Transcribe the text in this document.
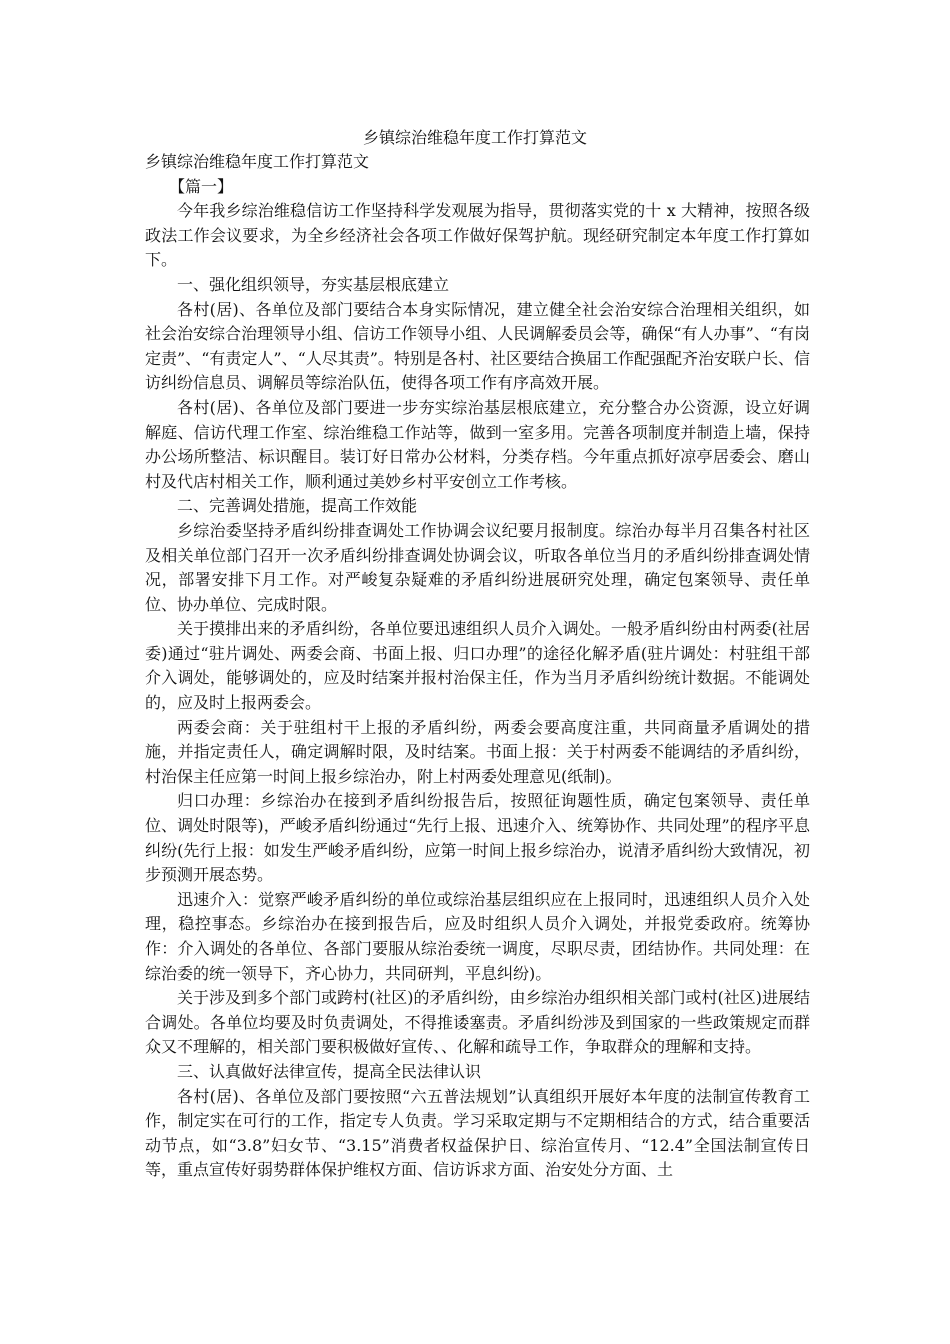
乡镇综治维稳年度工作打算范文

乡镇综治维稳年度工作打算范文

【篇一】

今年我乡综治维稳信访工作坚持科学发观展为指导，贯彻落实党的十 x 大精神，按照各级政法工作会议要求，为全乡经济社会各项工作做好保驾护航。现经研究制定本年度工作打算如下。

一、强化组织领导，夯实基层根底建立

各村(居)、各单位及部门要结合本身实际情况，建立健全社会治安综合治理相关组织，如社会治安综合治理领导小组、信访工作领导小组、人民调解委员会等，确保“有人办事”、“有岗定责”、“有责定人”、“人尽其责”。特别是各村、社区要结合换届工作配强配齐治安联户长、信访纠纷信息员、调解员等综治队伍，使得各项工作有序高效开展。

各村(居)、各单位及部门要进一步夯实综治基层根底建立，充分整合办公资源，设立好调解庭、信访代理工作室、综治维稳工作站等，做到一室多用。完善各项制度并制造上墙，保持办公场所整洁、标识醒目。装订好日常办公材料，分类存档。今年重点抓好凉亭居委会、磨山村及代店村相关工作，顺利通过美妙乡村平安创立工作考核。

二、完善调处措施，提高工作效能

乡综治委坚持矛盾纠纷排查调处工作协调会议纪要月报制度。综治办每半月召集各村社区及相关单位部门召开一次矛盾纠纷排查调处协调会议，听取各单位当月的矛盾纠纷排查调处情况，部署安排下月工作。对严峻复杂疑难的矛盾纠纷进展研究处理，确定包案领导、责任单位、协办单位、完成时限。

关于摸排出来的矛盾纠纷，各单位要迅速组织人员介入调处。一般矛盾纠纷由村两委(社居委)通过“驻片调处、两委会商、书面上报、归口办理”的途径化解矛盾(驻片调处：村驻组干部介入调处，能够调处的，应及时结案并报村治保主任，作为当月矛盾纠纷统计数据。不能调处的，应及时上报两委会。

两委会商：关于驻组村干上报的矛盾纠纷，两委会要高度注重，共同商量矛盾调处的措施，并指定责任人，确定调解时限，及时结案。书面上报：关于村两委不能调结的矛盾纠纷，村治保主任应第一时间上报乡综治办，附上村两委处理意见(纸制)。

归口办理：乡综治办在接到矛盾纠纷报告后，按照征询题性质，确定包案领导、责任单位、调处时限等)，严峻矛盾纠纷通过“先行上报、迅速介入、统筹协作、共同处理”的程序平息纠纷(先行上报：如发生严峻矛盾纠纷，应第一时间上报乡综治办，说清矛盾纠纷大致情况，初步预测开展态势。

迅速介入：觉察严峻矛盾纠纷的单位或综治基层组织应在上报同时，迅速组织人员介入处理，稳控事态。乡综治办在接到报告后，应及时组织人员介入调处，并报党委政府。统筹协作：介入调处的各单位、各部门要服从综治委统一调度，尽职尽责，团结协作。共同处理：在综治委的统一领导下，齐心协力，共同研判，平息纠纷)。

关于涉及到多个部门或跨村(社区)的矛盾纠纷，由乡综治办组织相关部门或村(社区)进展结合调处。各单位均要及时负责调处，不得推诿塞责。矛盾纠纷涉及到国家的一些政策规定而群众又不理解的，相关部门要积极做好宣传、、化解和疏导工作，争取群众的理解和支持。

三、认真做好法律宣传，提高全民法律认识

各村(居)、各单位及部门要按照“六五普法规划”认真组织开展好本年度的法制宣传教育工作，制定实在可行的工作，指定专人负责。学习采取定期与不定期相结合的方式，结合重要活动节点，如“3.8”妇女节、“3.15”消费者权益保护日、综治宣传月、“12.4”全国法制宣传日等，重点宣传好弱势群体保护维权方面、信访诉求方面、治安处分方面、土
